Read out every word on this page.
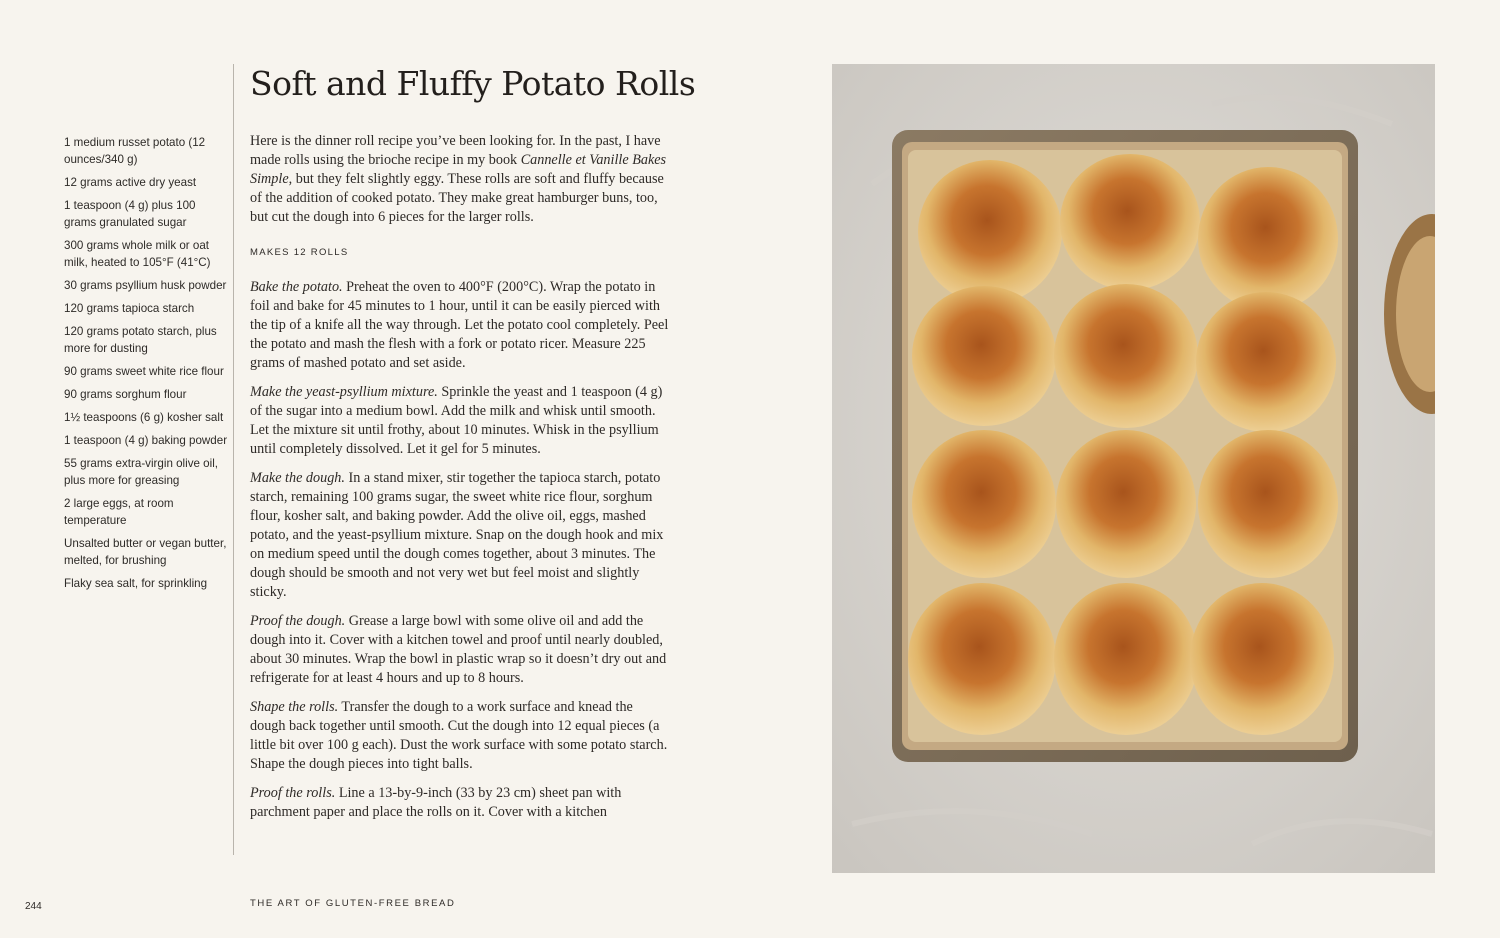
1 medium russet potato (12 ounces/340 g)
12 grams active dry yeast
1 teaspoon (4 g) plus 100 grams granulated sugar
300 grams whole milk or oat milk, heated to 105°F (41°C)
30 grams psyllium husk powder
120 grams tapioca starch
120 grams potato starch, plus more for dusting
90 grams sweet white rice flour
90 grams sorghum flour
1½ teaspoons (6 g) kosher salt
1 teaspoon (4 g) baking powder
55 grams extra-virgin olive oil, plus more for greasing
2 large eggs, at room temperature
Unsalted butter or vegan butter, melted, for brushing
Flaky sea salt, for sprinkling
Soft and Fluffy Potato Rolls

Here is the dinner roll recipe you’ve been looking for. In the past, I have made rolls using the brioche recipe in my book Cannelle et Vanille Bakes Simple, but they felt slightly eggy. These rolls are soft and fluffy because of the addition of cooked potato. They make great hamburger buns, too, but cut the dough into 6 pieces for the larger rolls.

MAKES 12 ROLLS

Bake the potato. Preheat the oven to 400°F (200°C). Wrap the potato in foil and bake for 45 minutes to 1 hour, until it can be easily pierced with the tip of a knife all the way through. Let the potato cool completely. Peel the potato and mash the flesh with a fork or potato ricer. Measure 225 grams of mashed potato and set aside.

Make the yeast-psyllium mixture. Sprinkle the yeast and 1 teaspoon (4 g) of the sugar into a medium bowl. Add the milk and whisk until smooth. Let the mixture sit until frothy, about 10 minutes. Whisk in the psyllium until completely dissolved. Let it gel for 5 minutes.

Make the dough. In a stand mixer, stir together the tapioca starch, potato starch, remaining 100 grams sugar, the sweet white rice flour, sorghum flour, kosher salt, and baking powder. Add the olive oil, eggs, mashed potato, and the yeast-psyllium mixture. Snap on the dough hook and mix on medium speed until the dough comes together, about 3 minutes. The dough should be smooth and not very wet but feel moist and slightly sticky.

Proof the dough. Grease a large bowl with some olive oil and add the dough into it. Cover with a kitchen towel and proof until nearly doubled, about 30 minutes. Wrap the bowl in plastic wrap so it doesn’t dry out and refrigerate for at least 4 hours and up to 8 hours.

Shape the rolls. Transfer the dough to a work surface and knead the dough back together until smooth. Cut the dough into 12 equal pieces (a little bit over 100 g each). Dust the work surface with some potato starch. Shape the dough pieces into tight balls.

Proof the rolls. Line a 13-by-9-inch (33 by 23 cm) sheet pan with parchment paper and place the rolls on it. Cover with a kitchen

244	THE ART OF GLUTEN-FREE BREAD
